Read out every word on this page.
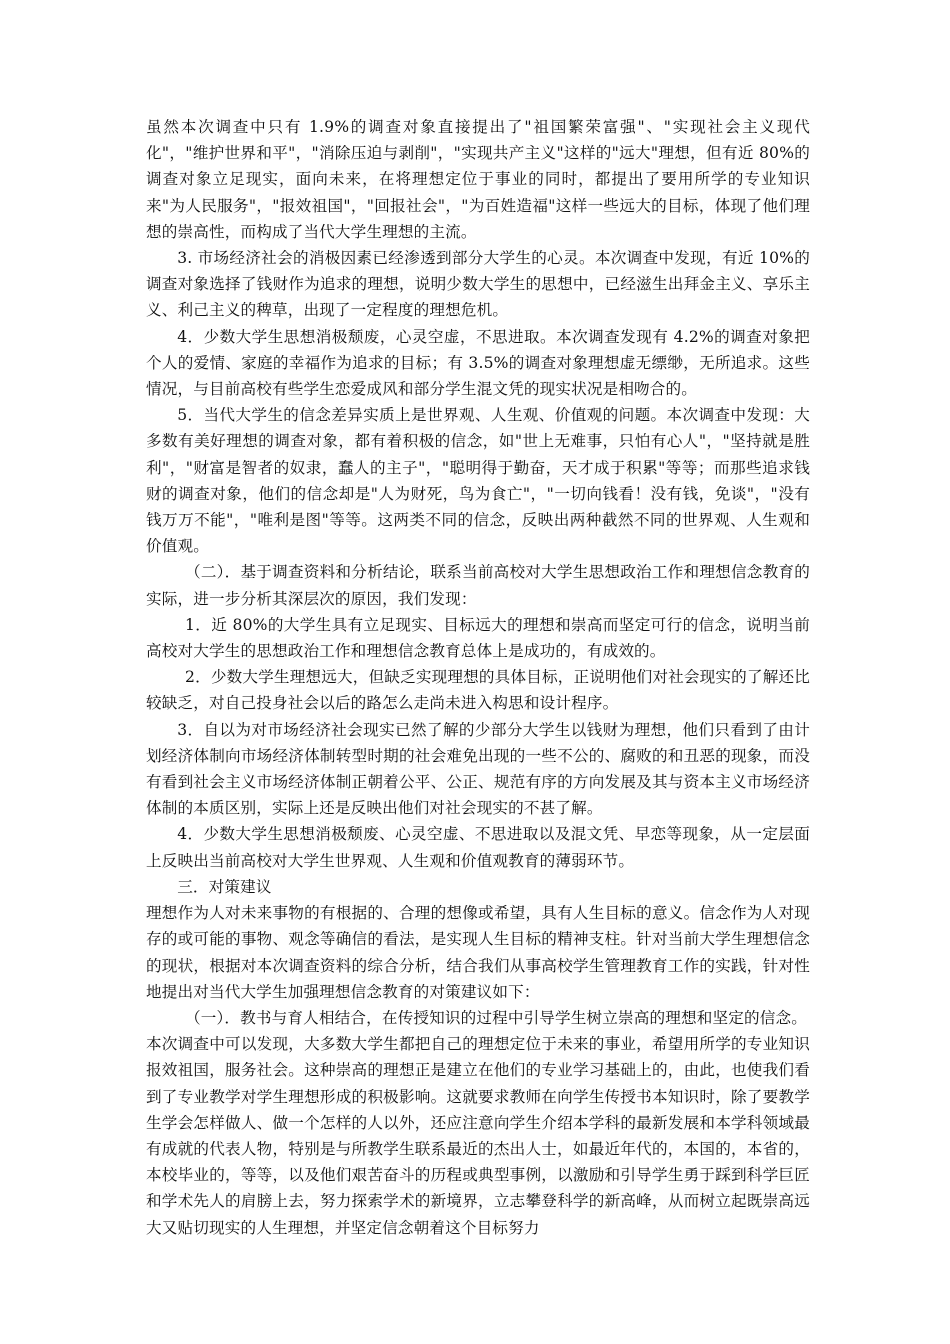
虽然本次调查中只有 1.9%的调查对象直接提出了"祖国繁荣富强"、"实现社会主义现代化"，"维护世界和平"，"消除压迫与剥削"，"实现共产主义"这样的"远大"理想，但有近 80%的调查对象立足现实，面向未来，在将理想定位于事业的同时，都提出了要用所学的专业知识来"为人民服务"，"报效祖国"，"回报社会"，"为百姓造福"这样一些远大的目标，体现了他们理想的崇高性，而构成了当代大学生理想的主流。

3. 市场经济社会的消极因素已经渗透到部分大学生的心灵。本次调查中发现，有近 10%的调查对象选择了钱财作为追求的理想，说明少数大学生的思想中，已经滋生出拜金主义、享乐主义、利己主义的稗草，出现了一定程度的理想危机。

4．少数大学生思想消极颓废，心灵空虚，不思进取。本次调查发现有 4.2%的调查对象把个人的爱情、家庭的幸福作为追求的目标；有 3.5%的调查对象理想虚无缥缈，无所追求。这些情况，与目前高校有些学生恋爱成风和部分学生混文凭的现实状况是相吻合的。

5．当代大学生的信念差异实质上是世界观、人生观、价值观的问题。本次调查中发现：大多数有美好理想的调查对象，都有着积极的信念，如"世上无难事，只怕有心人"，"坚持就是胜利"，"财富是智者的奴隶，蠢人的主子"，"聪明得于勤奋，天才成于积累"等等；而那些追求钱财的调查对象，他们的信念却是"人为财死，鸟为食亡"，"一切向钱看！没有钱，免谈"，"没有钱万万不能"，"唯利是图"等等。这两类不同的信念，反映出两种截然不同的世界观、人生观和价值观。

（二）．基于调查资料和分析结论，联系当前高校对大学生思想政治工作和理想信念教育的实际，进一步分析其深层次的原因，我们发现：

1．近 80%的大学生具有立足现实、目标远大的理想和崇高而坚定可行的信念，说明当前高校对大学生的思想政治工作和理想信念教育总体上是成功的，有成效的。

2．少数大学生理想远大，但缺乏实现理想的具体目标，正说明他们对社会现实的了解还比较缺乏，对自己投身社会以后的路怎么走尚未进入构思和设计程序。

3．自以为对市场经济社会现实已然了解的少部分大学生以钱财为理想，他们只看到了由计划经济体制向市场经济体制转型时期的社会难免出现的一些不公的、腐败的和丑恶的现象，而没有看到社会主义市场经济体制正朝着公平、公正、规范有序的方向发展及其与资本主义市场经济体制的本质区别，实际上还是反映出他们对社会现实的不甚了解。

4．少数大学生思想消极颓废、心灵空虚、不思进取以及混文凭、早恋等现象，从一定层面上反映出当前高校对大学生世界观、人生观和价值观教育的薄弱环节。

三．对策建议

理想作为人对未来事物的有根据的、合理的想像或希望，具有人生目标的意义。信念作为人对现存的或可能的事物、观念等确信的看法，是实现人生目标的精神支柱。针对当前大学生理想信念的现状，根据对本次调查资料的综合分析，结合我们从事高校学生管理教育工作的实践，针对性地提出对当代大学生加强理想信念教育的对策建议如下：

（一）．教书与育人相结合，在传授知识的过程中引导学生树立崇高的理想和坚定的信念。

本次调查中可以发现，大多数大学生都把自己的理想定位于未来的事业，希望用所学的专业知识报效祖国，服务社会。这种崇高的理想正是建立在他们的专业学习基础上的，由此，也使我们看到了专业教学对学生理想形成的积极影响。这就要求教师在向学生传授书本知识时，除了要教学生学会怎样做人、做一个怎样的人以外，还应注意向学生介绍本学科的最新发展和本学科领域最有成就的代表人物，特别是与所教学生联系最近的杰出人士，如最近年代的，本国的，本省的，本校毕业的，等等，以及他们艰苦奋斗的历程或典型事例，以激励和引导学生勇于踩到科学巨匠和学术先人的肩膀上去，努力探索学术的新境界，立志攀登科学的新高峰，从而树立起既崇高远大又贴切现实的人生理想，并坚定信念朝着这个目标努力
